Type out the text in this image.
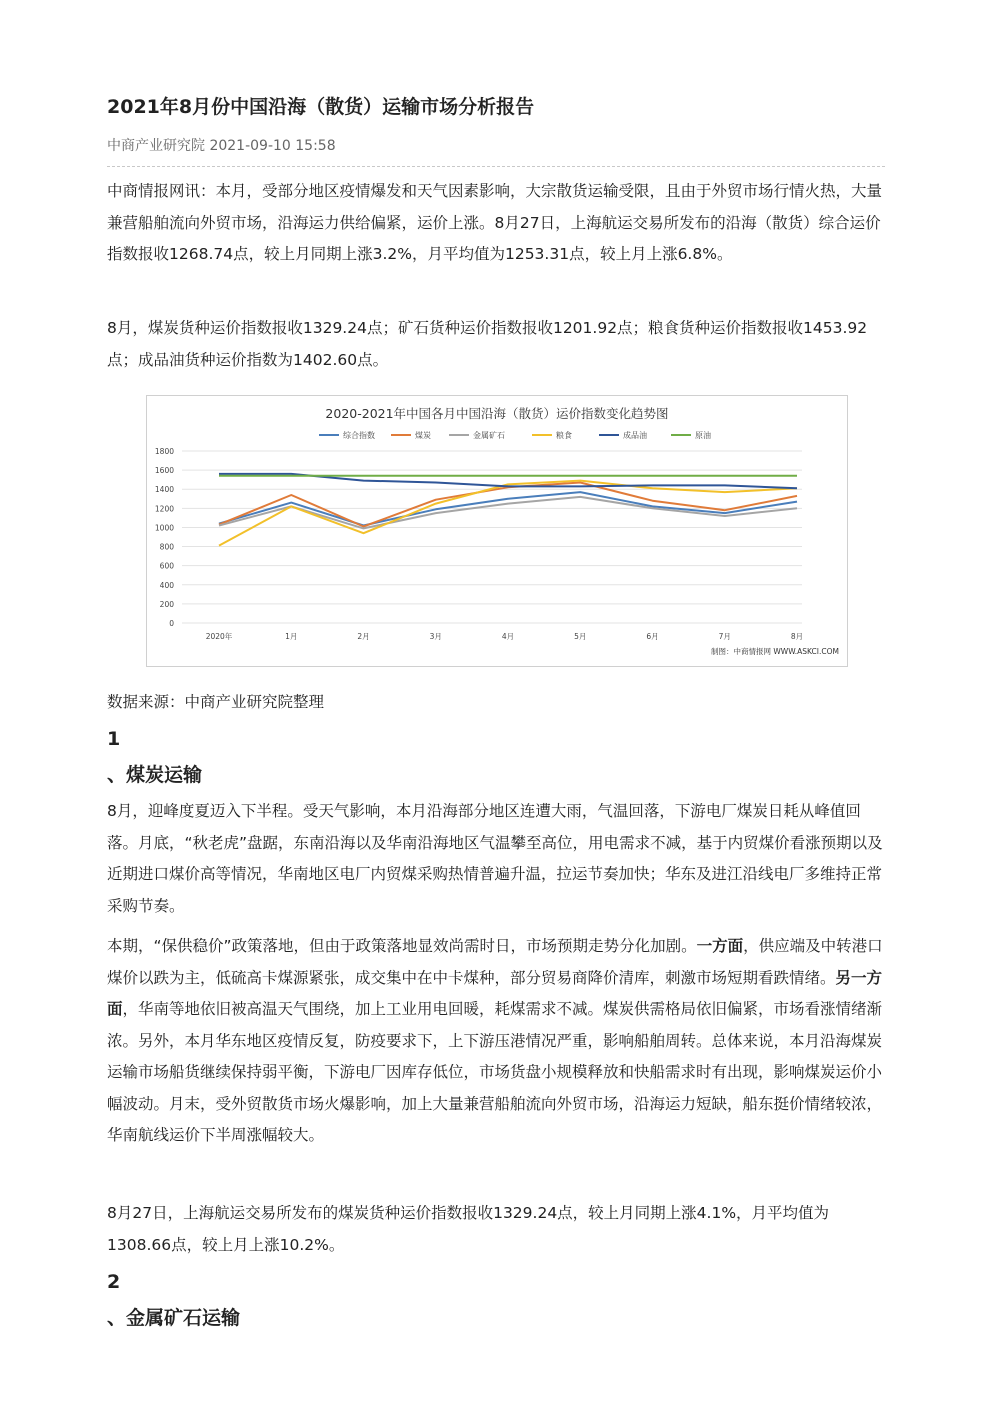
2021年8月份中国沿海（散货）运输市场分析报告
中商产业研究院 2021-09-10 15:58

中商情报网讯：本月，受部分地区疫情爆发和天气因素影响，大宗散货运输受限，且由于外贸市场行情火热，大量兼营船舶流向外贸市场，沿海运力供给偏紧，运价上涨。8月27日，上海航运交易所发布的沿海（散货）综合运价指数报收1268.74点，较上月同期上涨3.2%，月平均值为1253.31点，较上月上涨6.8%。

8月，煤炭货种运价指数报收1329.24点；矿石货种运价指数报收1201.92点；粮食货种运价指数报收1453.92点；成品油货种运价指数为1402.60点。

2020-2021年中国各月中国沿海（散货）运价指数变化趋势图
综合指数	煤炭	金属矿石	粮食	成品油	原油
0
200
400
600
800
1000
1200
1400
1600
1800
2020年	1月	2月	3月	4月	5月	6月	7月	8月
制图：中商情报网 WWW.ASKCI.COM
数据来源：中商产业研究院整理
1
、煤炭运输

8月，迎峰度夏迈入下半程。受天气影响，本月沿海部分地区连遭大雨，气温回落，下游电厂煤炭日耗从峰值回落。月底，“秋老虎”盘踞，东南沿海以及华南沿海地区气温攀至高位，用电需求不减，基于内贸煤价看涨预期以及近期进口煤价高等情况，华南地区电厂内贸煤采购热情普遍升温，拉运节奏加快；华东及进江沿线电厂多维持正常采购节奏。

本期，“保供稳价”政策落地，但由于政策落地显效尚需时日，市场预期走势分化加剧。一方面，供应端及中转港口煤价以跌为主，低硫高卡煤源紧张，成交集中在中卡煤种，部分贸易商降价清库，刺激市场短期看跌情绪。另一方面，华南等地依旧被高温天气围绕，加上工业用电回暖，耗煤需求不减。煤炭供需格局依旧偏紧，市场看涨情绪渐浓。另外，本月华东地区疫情反复，防疫要求下，上下游压港情况严重，影响船舶周转。总体来说，本月沿海煤炭运输市场船货继续保持弱平衡，下游电厂因库存低位，市场货盘小规模释放和快船需求时有出现，影响煤炭运价小幅波动。月末，受外贸散货市场火爆影响，加上大量兼营船舶流向外贸市场，沿海运力短缺，船东挺价情绪较浓，华南航线运价下半周涨幅较大。

8月27日，上海航运交易所发布的煤炭货种运价指数报收1329.24点，较上月同期上涨4.1%，月平均值为1308.66点，较上月上涨10.2%。

2
、金属矿石运输
